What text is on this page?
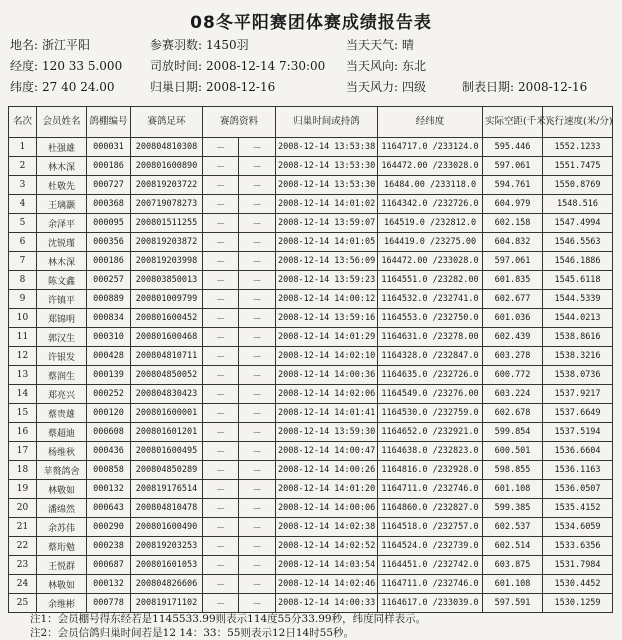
08冬平阳赛团体赛成绩报告表
地名: 浙江平阳	参赛羽数: 1450羽	当天天气: 晴
经度: 120 33 5.000 司放时间: 2008-12-14 7:30:00 当天风向: 东北
纬度: 27 40 24.00	归巢日期: 2008-12-16	当天风力: 四级	制表日期: 2008-12-16
名次	会员姓名	鸽棚编号	赛鸽足环	赛鸽资料		归巢时间或持鸽	经纬度	实际空距(千米)	飞行速度(米/分)
1	杜强雄	000031	200804810308	－	－	2008-12-14 13:53:38	1164717.0 /233124.0	595.446	1552.1233
2	林木深	000186	200801600890	－	－	2008-12-14 13:53:30	164472.00 /233028.0	597.061	1551.7475
3	杜敬先	000727	200819203722	－	－	2008-12-14 13:53:30	16484.00 /233118.0	594.761	1550.8769
4	王璃灏	000368	200719078273	－	－	2008-12-14 14:01:02	1164342.0 /232726.0	604.979	1548.516
5	余泽平	000095	200801511255	－	－	2008-12-14 13:59:07	164519.0 /232812.0	602.158	1547.4994
6	沈锐瑾	000356	200819203872	－	－	2008-12-14 14:01:05	164419.0 /23275.00	604.832	1546.5563
7	林木深	000186	200819203998	－	－	2008-12-14 13:56:09	164472.00 /233028.0	597.061	1546.1886
8	陈文鑫	000257	200803850013	－	－	2008-12-14 13:59:23	1164551.0 /23282.00	601.835	1545.6118
9	许镇平	000889	200801009799	－	－	2008-12-14 14:00:12	1164532.0 /232741.0	602.677	1544.5339
10	郑锦明	000834	200801600452	－	－	2008-12-14 13:59:16	1164553.0 /232750.0	601.036	1544.0213
11	郭汉生	000310	200801600468	－	－	2008-12-14 14:01:29	1164631.0 /23278.00	602.439	1538.8616
12	许银发	000428	200804810711	－	－	2008-12-14 14:02:10	1164328.0 /232847.0	603.278	1538.3216
13	蔡润生	000139	200804850052	－	－	2008-12-14 14:00:36	1164635.0 /232726.0	600.772	1538.0736
14	郑亮兴	000252	200804830423	－	－	2008-12-14 14:02:06	1164549.0 /23276.00	603.224	1537.9217
15	蔡贵雄	000120	200801600001	－	－	2008-12-14 14:01:41	1164530.0 /232759.0	602.678	1537.6649
16	蔡超迪	000608	200801601201	－	－	2008-12-14 13:59:30	1164652.0 /232921.0	599.854	1537.5194
17	杨维秋	000436	200801600495	－	－	2008-12-14 14:00:47	1164638.0 /232823.0	600.501	1536.6604
18	苹赘鸽舍	000858	200804850289	－	－	2008-12-14 14:00:26	1164816.0 /232928.0	598.855	1536.1163
19	林敬如	000132	200819176514	－	－	2008-12-14 14:01:20	1164711.0 /232746.0	601.108	1536.0507
20	潘绵然	000643	200804810478	－	－	2008-12-14 14:00:06	1164860.0 /232827.0	599.385	1535.4152
21	余苏伟	000290	200801600490	－	－	2008-12-14 14:02:38	1164518.0 /232757.0	602.537	1534.6059
22	蔡珩勉	000238	200819203253	－	－	2008-12-14 14:02:52	1164524.0 /232739.0	602.514	1533.6356
23	王悦群	000687	200801601053	－	－	2008-12-14 14:03:54	1164451.0 /232742.0	603.875	1531.7984
24	林敬如	000132	200804826606	－	－	2008-12-14 14:02:46	1164711.0 /232746.0	601.108	1530.4452
25	余维彬	000778	200819171102	－	－	2008-12-14 14:00:33	1164617.0 /233039.0	597.591	1530.1259
注1：会员棚号得东经若是1145533.99则表示114度55分33.99秒，纬度同样表示。
注2：会员信鸽归巢时间若是12 14：33：55则表示12日14时55秒。
